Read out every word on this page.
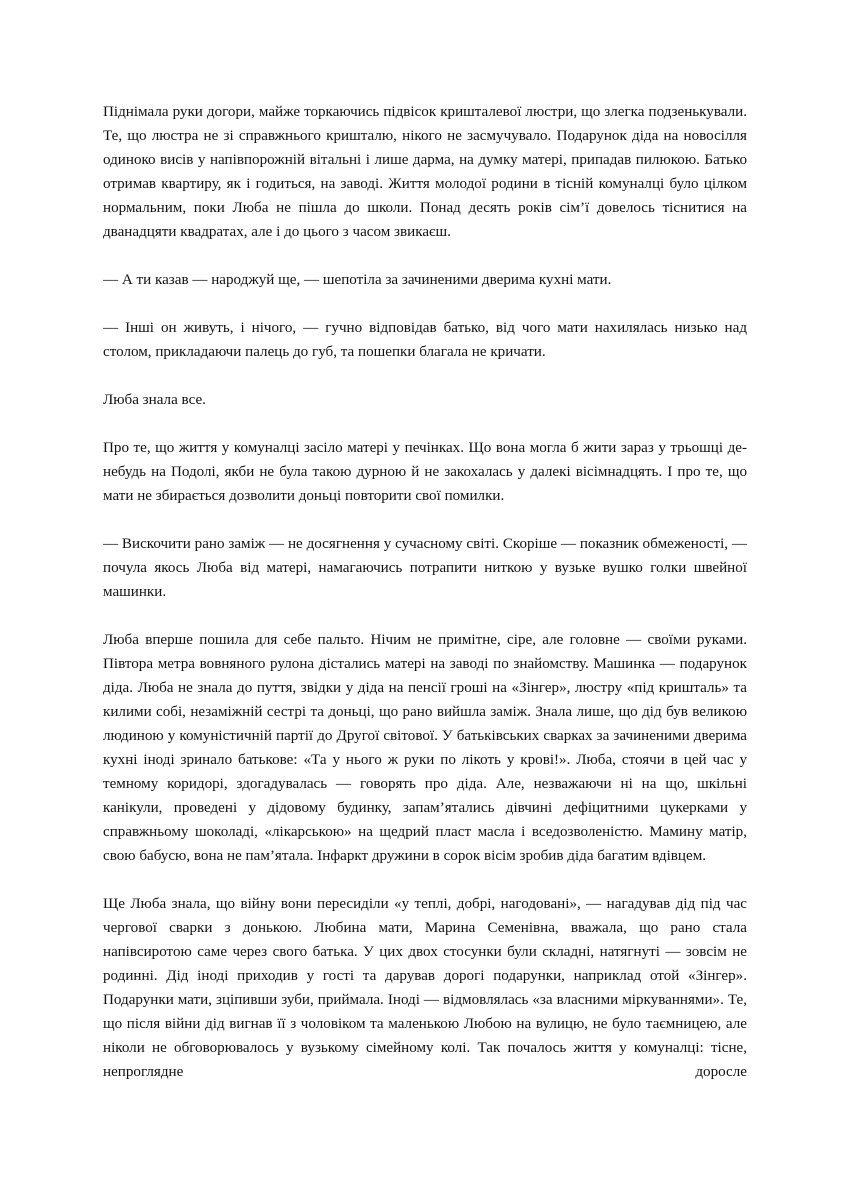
Піднімала руки догори, майже торкаючись підвісок кришталевої люстри, що злегка подзенькували. Те, що люстра не зі справжнього кришталю, нікого не засмучувало. Подарунок діда на новосілля одиноко висів у напівпорожній вітальні і лише дарма, на думку матері, припадав пилюкою. Батько отримав квартиру, як і годиться, на заводі. Життя молодої родини в тісній комуналці було цілком нормальним, поки Люба не пішла до школи. Понад десять років сім’ї довелось тіснитися на дванадцяти квадратах, але і до цього з часом звикаєш.

— А ти казав — народжуй ще, — шепотіла за зачиненими дверима кухні мати.

— Інші он живуть, і нічого, — гучно відповідав батько, від чого мати нахилялась низько над столом, прикладаючи палець до губ, та пошепки благала не кричати.

Люба знала все.

Про те, що життя у комуналці засіло матері у печінках. Що вона могла б жити зараз у трьошці де-небудь на Подолі, якби не була такою дурною й не закохалась у далекі вісімнадцять. І про те, що мати не збирається дозволити доньці повторити свої помилки.

— Вискочити рано заміж — не досягнення у сучасному світі. Скоріше — показник обмеженості, — почула якось Люба від матері, намагаючись потрапити ниткою у вузьке вушко голки швейної машинки.

Люба вперше пошила для себе пальто. Нічим не примітне, сіре, але головне — своїми руками. Півтора метра вовняного рулона дістались матері на заводі по знайомству. Машинка — подарунок діда. Люба не знала до пуття, звідки у діда на пенсії гроші на «Зінгер», люстру «під кришталь» та килими собі, незаміжній сестрі та доньці, що рано вийшла заміж. Знала лише, що дід був великою людиною у комуністичній партії до Другої світової. У батьківських сварках за зачиненими дверима кухні іноді зринало батькове: «Та у нього ж руки по лікоть у крові!». Люба, стоячи в цей час у темному коридорі, здогадувалась — говорять про діда. Але, незважаючи ні на що, шкільні канікули, проведені у дідовому будинку, запам’ятались дівчині дефіцитними цукерками у справжньому шоколаді, «лікарською» на щедрий пласт масла і вседозволеністю. Мамину матір, свою бабусю, вона не пам’ятала. Інфаркт дружини в сорок вісім зробив діда багатим вдівцем.

Ще Люба знала, що війну вони пересиділи «у теплі, добрі, нагодовані», — нагадував дід під час чергової сварки з донькою. Любина мати, Марина Семенівна, вважала, що рано стала напівсиротою саме через свого батька. У цих двох стосунки були складні, натягнуті — зовсім не родинні. Дід іноді приходив у гості та дарував дорогі подарунки, наприклад отой «Зінгер». Подарунки мати, зціпивши зуби, приймала. Іноді — відмовлялась «за власними міркуваннями». Те, що після війни дід вигнав її з чоловіком та маленькою Любою на вулицю, не було таємницею, але ніколи не обговорювалось у вузькому сімейному колі. Так почалось життя у комуналці: тісне, непроглядне доросле
